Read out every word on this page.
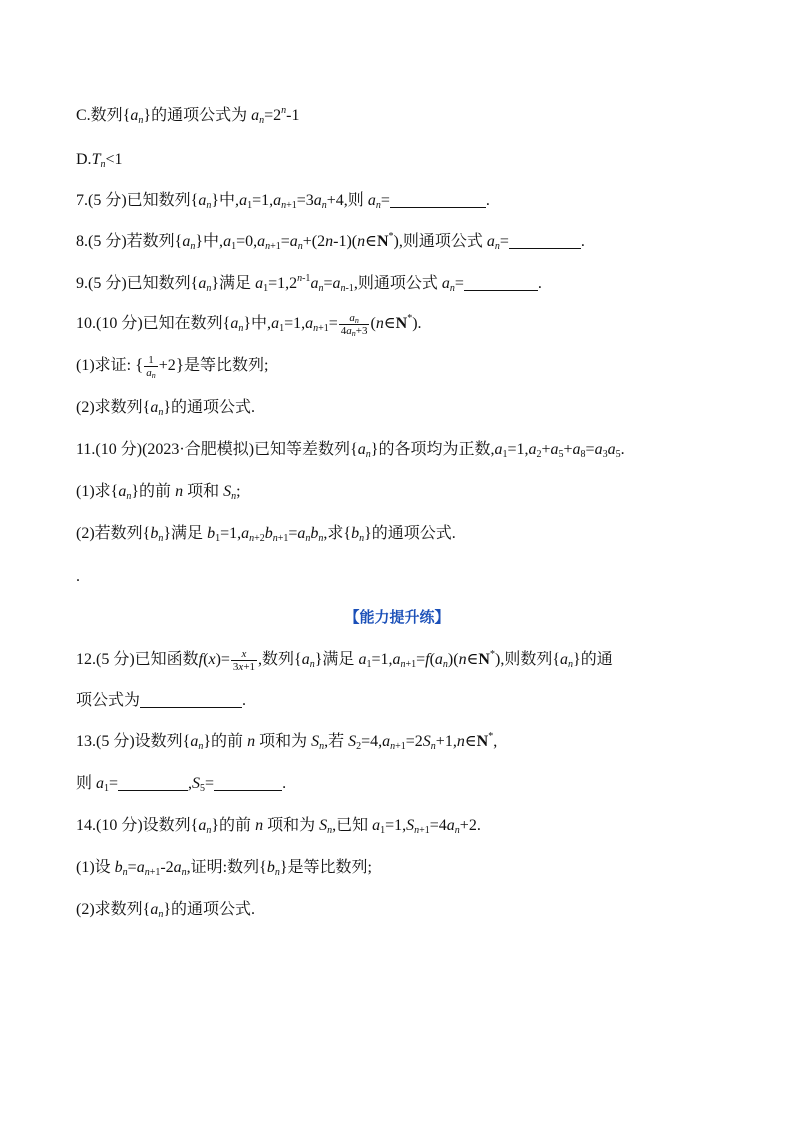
C.数列$\{a_n\}$的通项公式为 $a_n=2^n-1$
$D.T_n<1$
7.(5 分)已知数列$\{a_n\}$中$,a_1=1,a_{n+1}=3a_n+4$,则 $a_n=$	.
8.(5 分)若数列$\{a_n\}$中$,a_1=0,a_{n+1}=a_n+(2n-1)(n\in N^*)$,则通项公式 $a_n=$	.
9.(5 分)已知数列$\{a_n\}$满足 $a_1=1,2^{n-1}a_n=a_{n-1}$,则通项公式 $a_n=$	.
10.(10 分)已知在数列$\{a_n\}$中$,a_1=1,a_{n+1}= \frac{a_n}{4a_n+3}$ (n∈N*).
(1)求证: { $\frac{1}{a_n} +2$}是等比数列;
(2)求数列$\{a_n\}$的通项公式.
11.(10 分)(2023·合肥模拟)已知等差数列$\{a_n\}$的各项均为正数$,a_1=1,a_2+a_5+a_8=a_3a_5$.
(1)求$\{a_n\}$的前 n 项和 $S_n$;
(2)若数列$\{b_n\}$满足 $b_1=1,a_{n+2}b_{n+1}=a_nb_n$,求$\{b_n\}$的通项公式.
.
【能力提升练】
12.(5 分)已知函数$f(x)= \frac{x}{3x+1}$ ,数列$\{a_n\}$满足 $a_1=1,a_{n+1}=f(a_n)(n\in N^*)$,则数列$\{a_n\}$的通
项公式为	.
13.(5 分)设数列$\{a_n\}$的前 n 项和为 $S_n$,若 $S_2=4,a_{n+1}=2S_n+1,n\in N^*$,
则 $a_1=$	$,S_5=$	.
14.(10 分)设数列$\{a_n\}$的前 n 项和为 $S_n$,已知 $a_1=1,S_{n+1}=4a_n+2$.
(1)设 $b_n=a_{n+1}-2a_n$,证明:数列$\{b_n\}$是等比数列;
(2)求数列$\{a_n\}$的通项公式.
